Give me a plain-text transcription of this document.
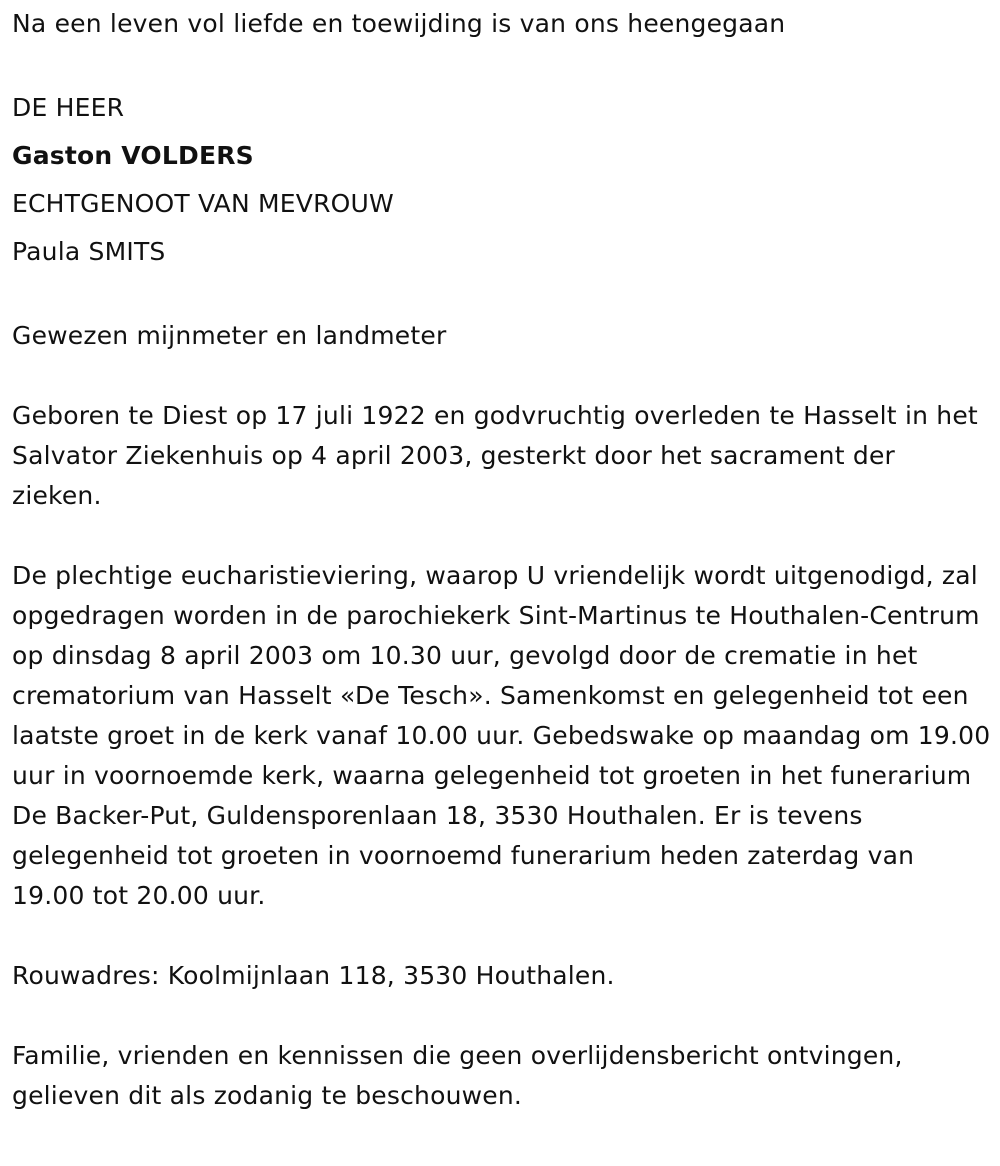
Na een leven vol liefde en toewijding is van ons heengegaan

DE HEER

Gaston VOLDERS

ECHTGENOOT VAN MEVROUW

Paula SMITS

Gewezen mijnmeter en landmeter

Geboren te Diest op 17 juli 1922 en godvruchtig overleden te Hasselt in het Salvator Ziekenhuis op 4 april 2003, gesterkt door het sacrament der zieken.

De plechtige eucharistieviering, waarop U vriendelijk wordt uitgenodigd, zal opgedragen worden in de parochiekerk Sint-Martinus te Houthalen-Centrum op dinsdag 8 april 2003 om 10.30 uur, gevolgd door de crematie in het crematorium van Hasselt «De Tesch». Samenkomst en gelegenheid tot een laatste groet in de kerk vanaf 10.00 uur. Gebedswake op maandag om 19.00 uur in voornoemde kerk, waarna gelegenheid tot groeten in het funerarium De Backer-Put, Guldensporenlaan 18, 3530 Houthalen. Er is tevens gelegenheid tot groeten in voornoemd funerarium heden zaterdag van 19.00 tot 20.00 uur.

Rouwadres: Koolmijnlaan 118, 3530 Houthalen.

Familie, vrienden en kennissen die geen overlijdensbericht ontvingen, gelieven dit als zodanig te beschouwen.
